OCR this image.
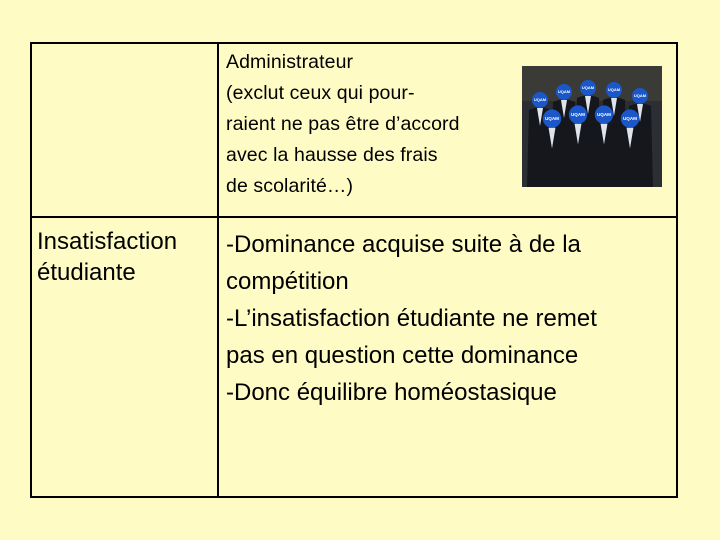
Administrateur
(exclut ceux qui pour-
raient ne pas être d’accord
avec la hausse des frais
de scolarité…)
UQAM
UQAM
UQAM	UQAM
UQAM
UQAM
UQAM	UQAM
UQAM
Insatisfaction
étudiante
-Dominance acquise suite à de la
compétition
-L’insatisfaction étudiante ne remet
pas en question cette dominance
-Donc équilibre homéostasique
